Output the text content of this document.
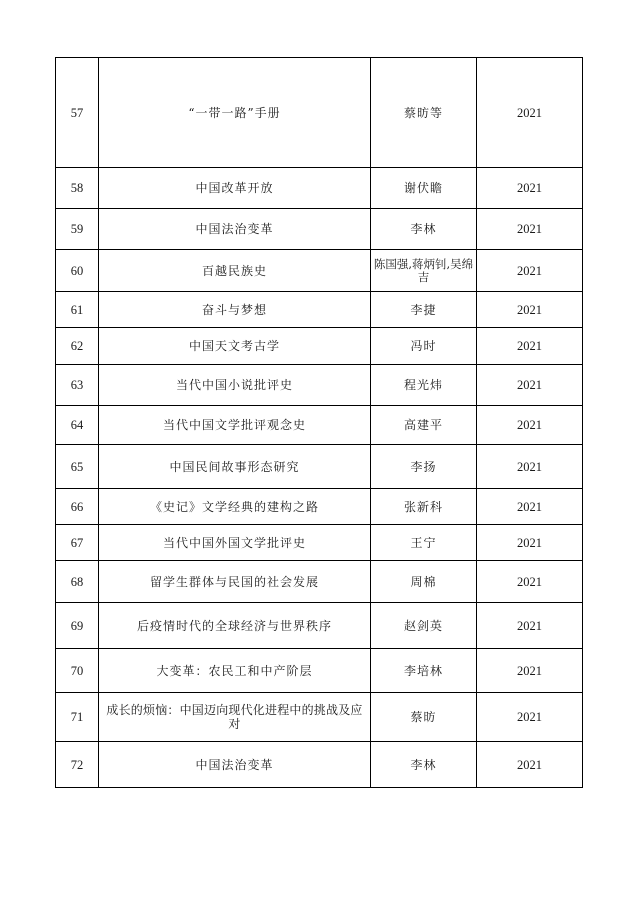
57	“一带一路”手册	蔡昉等	2021
58	中国改革开放	谢伏瞻	2021
59	中国法治变革	李林	2021
60	百越民族史	陈国强,蒋炳钊,吴绵吉	2021
61	奋斗与梦想	李捷	2021
62	中国天文考古学	冯时	2021
63	当代中国小说批评史	程光炜	2021
64	当代中国文学批评观念史	高建平	2021
65	中国民间故事形态研究	李扬	2021
66	《史记》文学经典的建构之路	张新科	2021
67	当代中国外国文学批评史	王宁	2021
68	留学生群体与民国的社会发展	周棉	2021
69	后疫情时代的全球经济与世界秩序	赵剑英	2021
70	大变革：农民工和中产阶层	李培林	2021
71	成长的烦恼：中国迈向现代化进程中的挑战及应对	蔡昉	2021
72	中国法治变革	李林	2021
